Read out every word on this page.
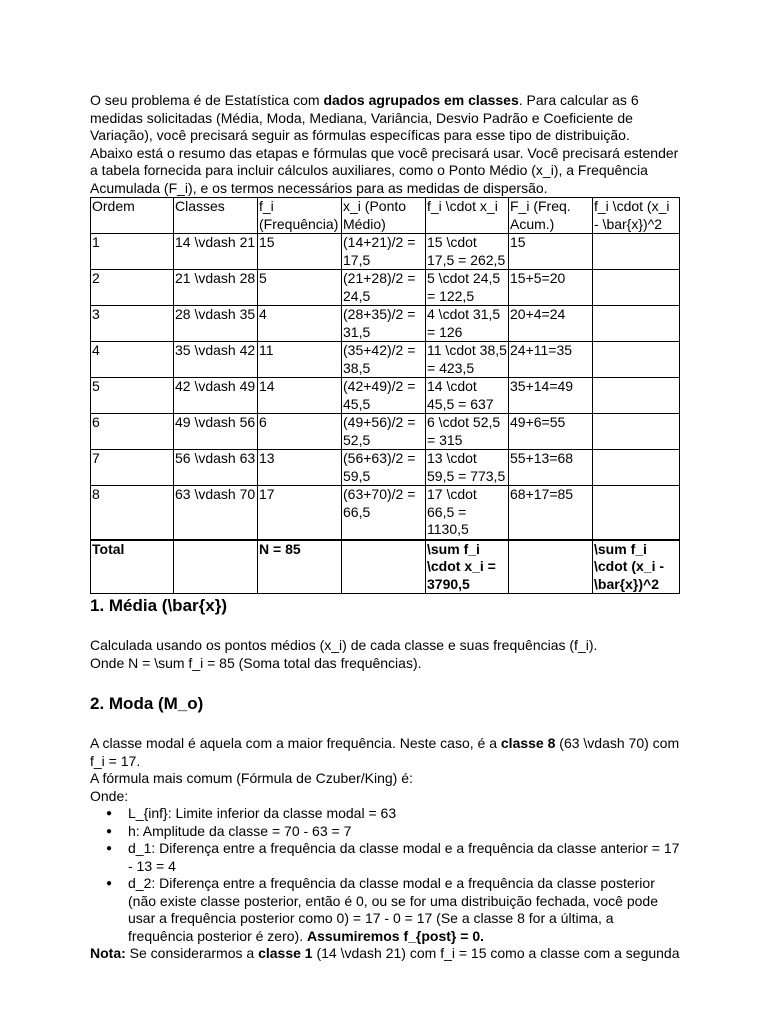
O seu problema é de Estatística com dados agrupados em classes. Para calcular as 6 medidas solicitadas (Média, Moda, Mediana, Variância, Desvio Padrão e Coeficiente de Variação), você precisará seguir as fórmulas específicas para esse tipo de distribuição.

Abaixo está o resumo das etapas e fórmulas que você precisará usar. Você precisará estender a tabela fornecida para incluir cálculos auxiliares, como o Ponto Médio (x_i), a Frequência Acumulada (F_i), e os termos necessários para as medidas de dispersão.

Ordem	Classes	f_i (Frequência)	x_i (Ponto Médio)	f_i \cdot x_i	F_i (Freq. Acum.)	f_i \cdot (x_i - \bar{x})^2
1	14 \vdash 21	15	(14+21)/2 = 17,5	15 \cdot 17,5 = 262,5	15	
2	21 \vdash 28	5	(21+28)/2 = 24,5	5 \cdot 24,5 = 122,5	15+5=20	
3	28 \vdash 35	4	(28+35)/2 = 31,5	4 \cdot 31,5 = 126	20+4=24	
4	35 \vdash 42	11	(35+42)/2 = 38,5	11 \cdot 38,5 = 423,5	24+11=35	
5	42 \vdash 49	14	(42+49)/2 = 45,5	14 \cdot 45,5 = 637	35+14=49	
6	49 \vdash 56	6	(49+56)/2 = 52,5	6 \cdot 52,5 = 315	49+6=55	
7	56 \vdash 63	13	(56+63)/2 = 59,5	13 \cdot 59,5 = 773,5	55+13=68	
8	63 \vdash 70	17	(63+70)/2 = 66,5	17 \cdot 66,5 = 1130,5	68+17=85	
Total		N = 85		\sum f_i \cdot x_i = 3790,5		\sum f_i \cdot (x_i - \bar{x})^2
1. Média (\bar{x})

Calculada usando os pontos médios (x_i) de cada classe e suas frequências (f_i).

Onde N = \sum f_i = 85 (Soma total das frequências).

2. Moda (M_o)

A classe modal é aquela com a maior frequência. Neste caso, é a classe 8 (63 \vdash 70) com f_i = 17.

A fórmula mais comum (Fórmula de Czuber/King) é:

Onde:

● L_{inf}: Limite inferior da classe modal = 63
● h: Amplitude da classe = 70 - 63 = 7
● d_1: Diferença entre a frequência da classe modal e a frequência da classe anterior = 17 - 13 = 4
● d_2: Diferença entre a frequência da classe modal e a frequência da classe posterior (não existe classe posterior, então é 0, ou se for uma distribuição fechada, você pode usar a frequência posterior como 0) = 17 - 0 = 17 (Se a classe 8 for a última, a frequência posterior é zero). Assumiremos f_{post} = 0.

Nota: Se considerarmos a classe 1 (14 \vdash 21) com f_i = 15 como a classe com a segunda
